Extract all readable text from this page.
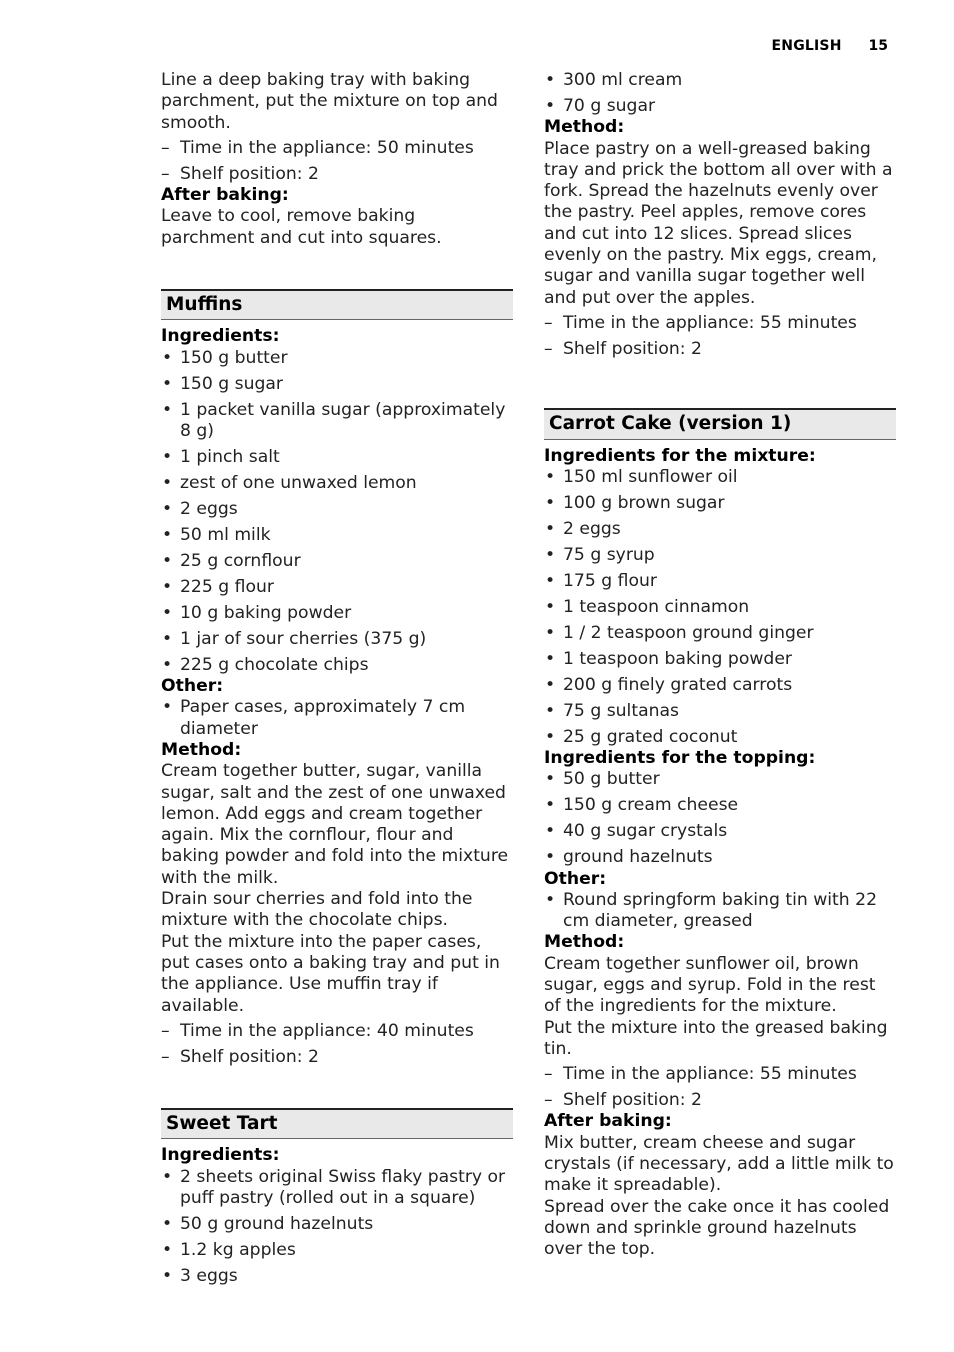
ENGLISH 15

Line a deep baking tray with baking parchment, put the mixture on top and smooth.

– Time in the appliance: 50 minutes
– Shelf position: 2
After baking:

Leave to cool, remove baking parchment and cut into squares.

Muffins
Ingredients:
• 150 g butter
• 150 g sugar
• 1 packet vanilla sugar (approximately 8 g)
• 1 pinch salt
• zest of one unwaxed lemon
• 2 eggs
• 50 ml milk
• 25 g cornflour
• 225 g flour
• 10 g baking powder
• 1 jar of sour cherries (375 g)
• 225 g chocolate chips
Other:
• Paper cases, approximately 7 cm diameter
Method:

Cream together butter, sugar, vanilla sugar, salt and the zest of one unwaxed lemon. Add eggs and cream together again. Mix the cornflour, flour and baking powder and fold into the mixture with the milk.

Drain sour cherries and fold into the mixture with the chocolate chips.

Put the mixture into the paper cases, put cases onto a baking tray and put in the appliance. Use muffin tray if available.

– Time in the appliance: 40 minutes
– Shelf position: 2
Sweet Tart
Ingredients:
• 2 sheets original Swiss flaky pastry or puff pastry (rolled out in a square)
• 50 g ground hazelnuts
• 1.2 kg apples
• 3 eggs
• 300 ml cream
• 70 g sugar
Method:

Place pastry on a well-greased baking tray and prick the bottom all over with a fork. Spread the hazelnuts evenly over the pastry. Peel apples, remove cores and cut into 12 slices. Spread slices evenly on the pastry. Mix eggs, cream, sugar and vanilla sugar together well and put over the apples.

– Time in the appliance: 55 minutes
– Shelf position: 2
Carrot Cake (version 1)
Ingredients for the mixture:
• 150 ml sunflower oil
• 100 g brown sugar
• 2 eggs
• 75 g syrup
• 175 g flour
• 1 teaspoon cinnamon
• 1 / 2 teaspoon ground ginger
• 1 teaspoon baking powder
• 200 g finely grated carrots
• 75 g sultanas
• 25 g grated coconut
Ingredients for the topping:
• 50 g butter
• 150 g cream cheese
• 40 g sugar crystals
• ground hazelnuts
Other:
• Round springform baking tin with 22 cm diameter, greased
Method:

Cream together sunflower oil, brown sugar, eggs and syrup. Fold in the rest of the ingredients for the mixture.

Put the mixture into the greased baking tin.

– Time in the appliance: 55 minutes
– Shelf position: 2
After baking:

Mix butter, cream cheese and sugar crystals (if necessary, add a little milk to make it spreadable).

Spread over the cake once it has cooled down and sprinkle ground hazelnuts over the top.
